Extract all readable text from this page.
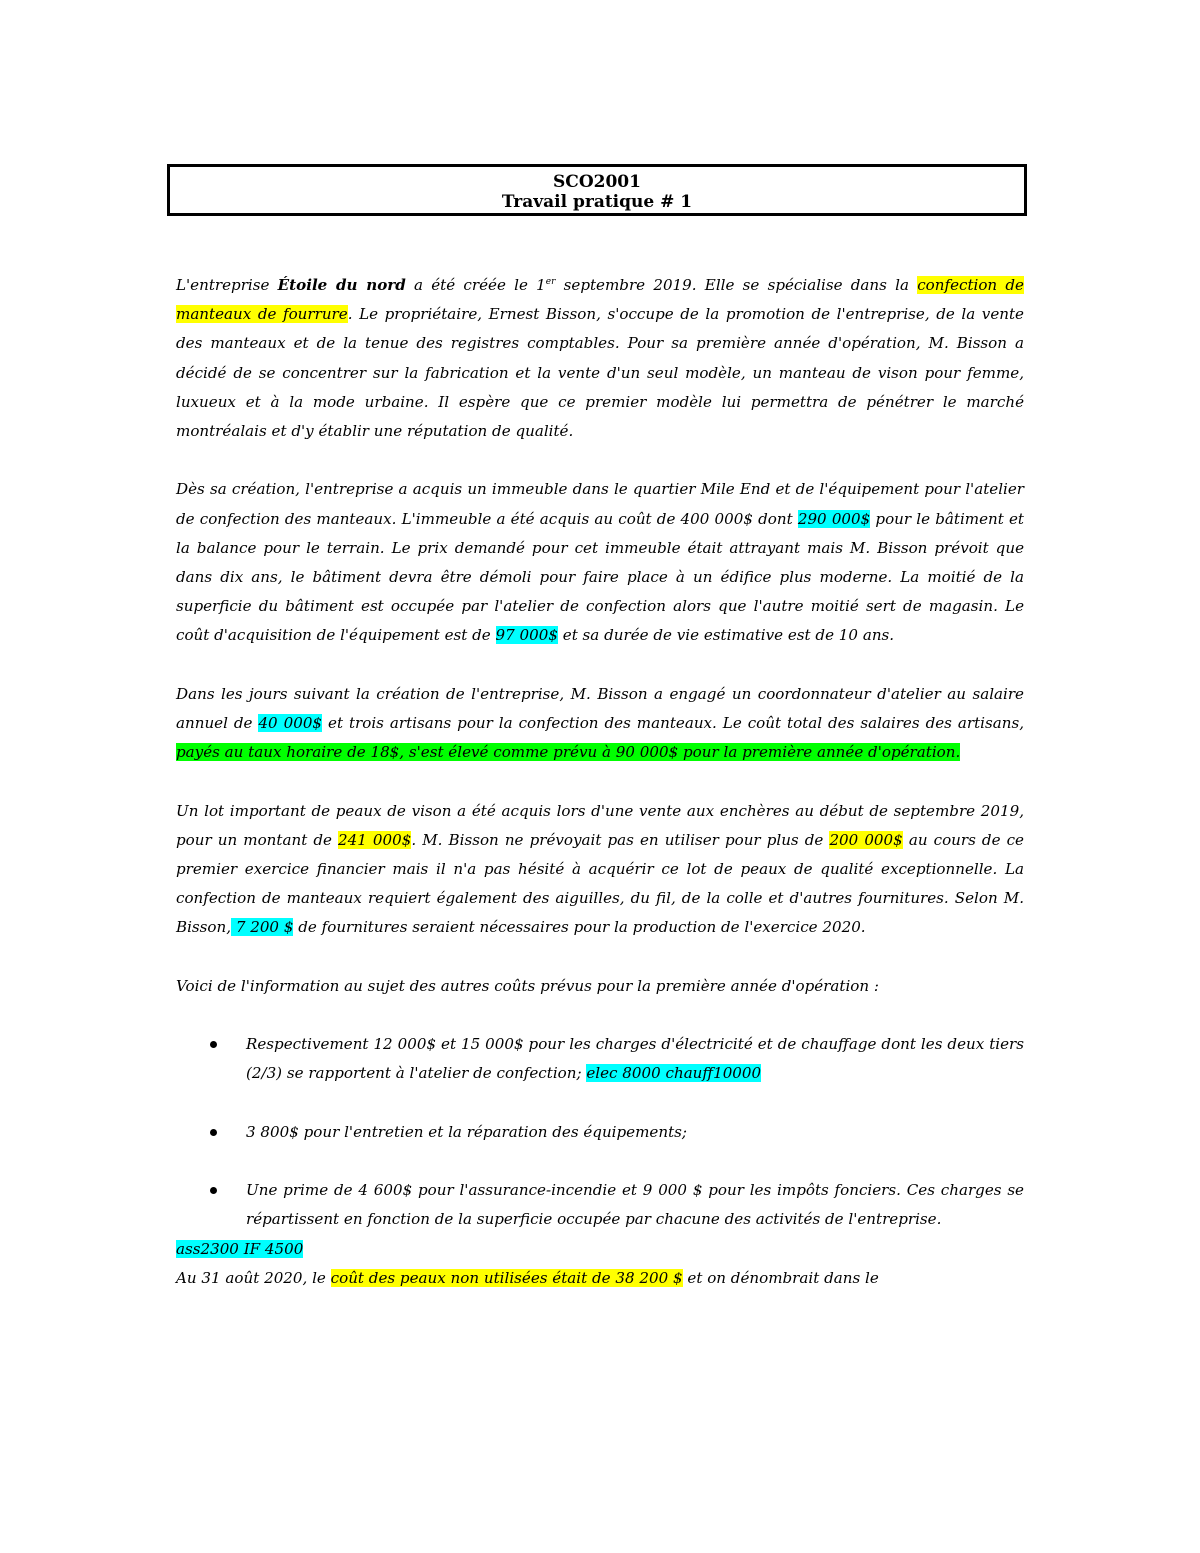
SCO2001
Travail pratique # 1

L'entreprise Étoile du nord a été créée le 1er septembre 2019. Elle se spécialise dans la confection de manteaux de fourrure. Le propriétaire, Ernest Bisson, s'occupe de la promotion de l'entreprise, de la vente des manteaux et de la tenue des registres comptables. Pour sa première année d'opération, M. Bisson a décidé de se concentrer sur la fabrication et la vente d'un seul modèle, un manteau de vison pour femme, luxueux et à la mode urbaine. Il espère que ce premier modèle lui permettra de pénétrer le marché montréalais et d'y établir une réputation de qualité.

Dès sa création, l'entreprise a acquis un immeuble dans le quartier Mile End et de l'équipement pour l'atelier de confection des manteaux. L'immeuble a été acquis au coût de 400 000$ dont 290 000$ pour le bâtiment et la balance pour le terrain. Le prix demandé pour cet immeuble était attrayant mais M. Bisson prévoit que dans dix ans, le bâtiment devra être démoli pour faire place à un édifice plus moderne. La moitié de la superficie du bâtiment est occupée par l'atelier de confection alors que l'autre moitié sert de magasin. Le coût d'acquisition de l'équipement est de 97 000$ et sa durée de vie estimative est de 10 ans.

Dans les jours suivant la création de l'entreprise, M. Bisson a engagé un coordonnateur d'atelier au salaire annuel de 40 000$ et trois artisans pour la confection des manteaux. Le coût total des salaires des artisans, payés au taux horaire de 18$, s'est élevé comme prévu à 90 000$ pour la première année d'opération.

Un lot important de peaux de vison a été acquis lors d'une vente aux enchères au début de septembre 2019, pour un montant de 241 000$. M. Bisson ne prévoyait pas en utiliser pour plus de 200 000$ au cours de ce premier exercice financier mais il n'a pas hésité à acquérir ce lot de peaux de qualité exceptionnelle. La confection de manteaux requiert également des aiguilles, du fil, de la colle et d'autres fournitures. Selon M. Bisson, 7 200 $ de fournitures seraient nécessaires pour la production de l'exercice 2020.

Voici de l'information au sujet des autres coûts prévus pour la première année d'opération :

Respectivement 12 000$ et 15 000$ pour les charges d'électricité et de chauffage dont les deux tiers (2/3) se rapportent à l'atelier de confection; elec 8000 chauff10000
3 800$ pour l'entretien et la réparation des équipements;
Une prime de 4 600$ pour l'assurance-incendie et 9 000 $ pour les impôts fonciers. Ces charges se répartissent en fonction de la superficie occupée par chacune des activités de l'entreprise.
ass2300 IF 4500

Au 31 août 2020, le coût des peaux non utilisées était de 38 200 $ et on dénombrait dans le
